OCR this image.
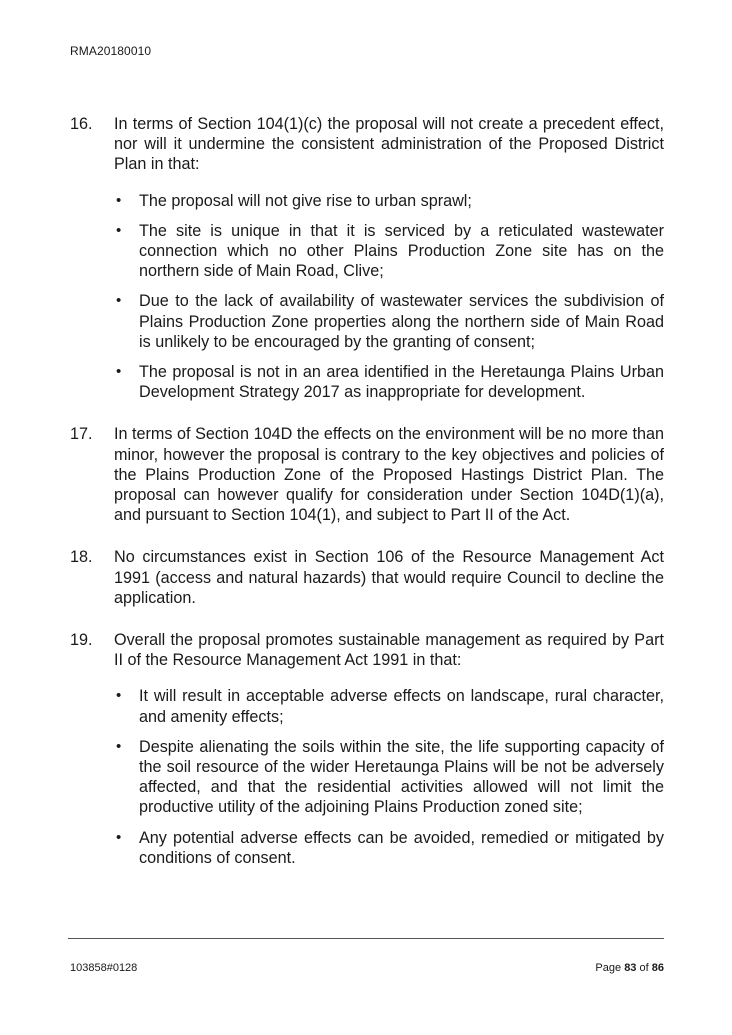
RMA20180010
16.	In terms of Section 104(1)(c) the proposal will not create a precedent effect, nor will it undermine the consistent administration of the Proposed District Plan in that:
•	The proposal will not give rise to urban sprawl;
•	The site is unique in that it is serviced by a reticulated wastewater connection which no other Plains Production Zone site has on the northern side of Main Road, Clive;
•	Due to the lack of availability of wastewater services the subdivision of Plains Production Zone properties along the northern side of Main Road is unlikely to be encouraged by the granting of consent;
•	The proposal is not in an area identified in the Heretaunga Plains Urban Development Strategy 2017 as inappropriate for development.
17.	In terms of Section 104D the effects on the environment will be no more than minor, however the proposal is contrary to the key objectives and policies of the Plains Production Zone of the Proposed Hastings District Plan. The proposal can however qualify for consideration under Section 104D(1)(a), and pursuant to Section 104(1), and subject to Part II of the Act.
18.	No circumstances exist in Section 106 of the Resource Management Act 1991 (access and natural hazards) that would require Council to decline the application.
19.	Overall the proposal promotes sustainable management as required by Part II of the Resource Management Act 1991 in that:
•	It will result in acceptable adverse effects on landscape, rural character, and amenity effects;
•	Despite alienating the soils within the site, the life supporting capacity of the soil resource of the wider Heretaunga Plains will be not be adversely affected, and that the residential activities allowed will not limit the productive utility of the adjoining Plains Production zoned site;
•	Any potential adverse effects can be avoided, remedied or mitigated by conditions of consent.
103858#0128	Page 83 of 86
